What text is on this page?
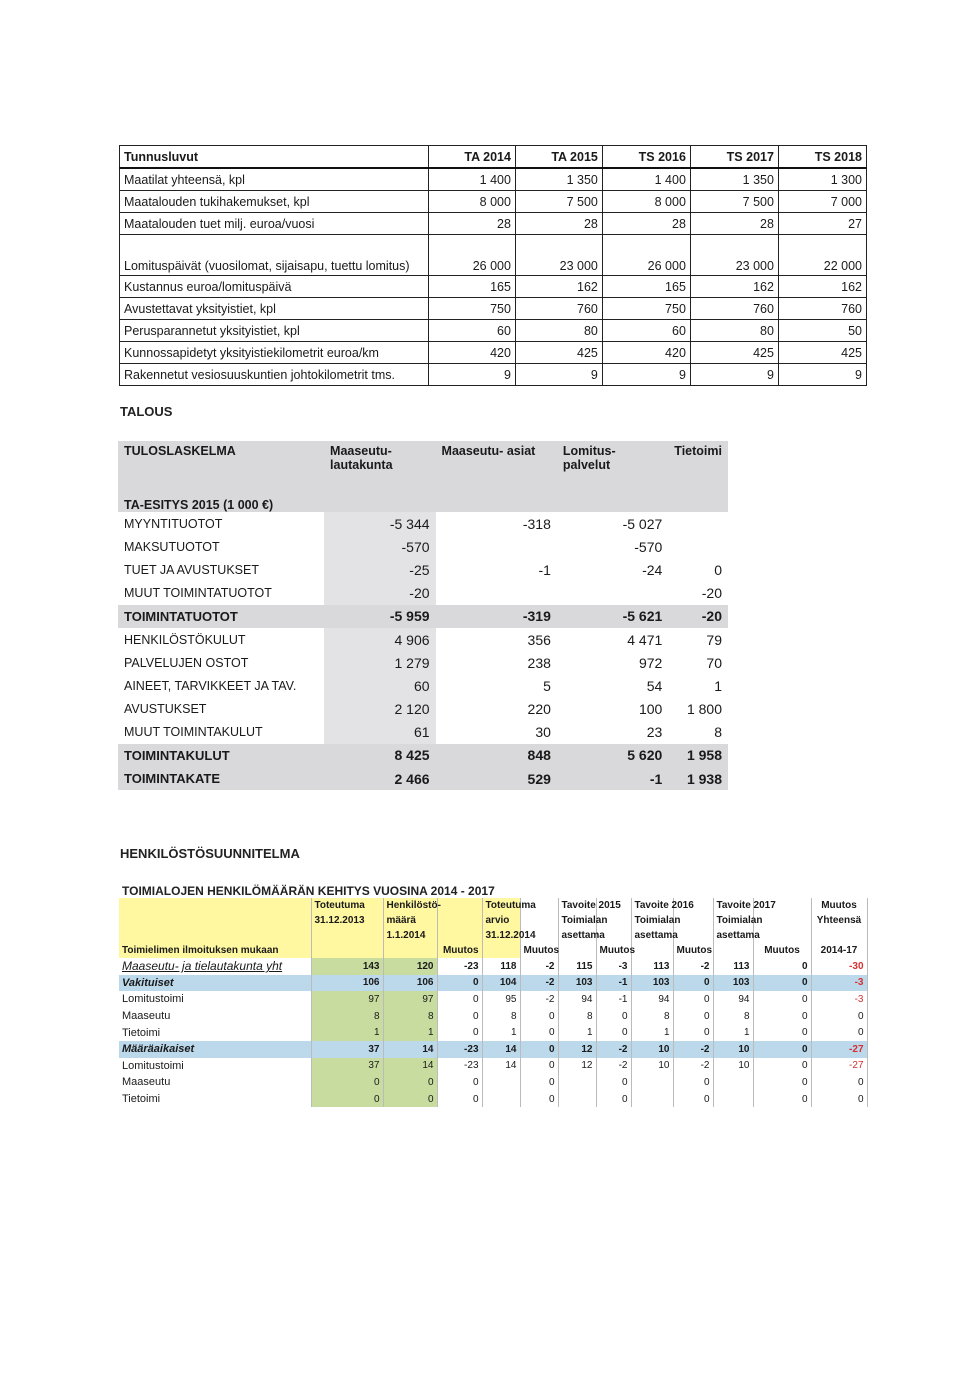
Tunnusluvut	TA 2014	TA 2015	TS 2016	TS 2017	TS 2018
Maatilat yhteensä, kpl	1 400	1 350	1 400	1 350	1 300
Maatalouden tukihakemukset, kpl	8 000	7 500	8 000	7 500	7 000
Maatalouden tuet milj. euroa/vuosi	28	28	28	28	27
Lomituspäivät (vuosilomat, sijaisapu, tuettu lomitus)	26 000	23 000	26 000	23 000	22 000
Kustannus euroa/lomituspäivä	165	162	165	162	162
Avustettavat yksityistiet, kpl	750	760	750	760	760
Perusparannetut yksityistiet, kpl	60	80	60	80	50
Kunnossapidetyt yksityistiekilometrit euroa/km	420	425	420	425	425
Rakennetut vesiosuuskuntien johtokilometrit tms.	9	9	9	9	9
TALOUS
TULOSLASKELMA	Maaseutu- lautakunta	Maaseutu- asiat	Lomitus- palvelut	Tietoimi
TA-ESITYS 2015 (1 000 €)				
MYYNTITUOTOT	-5 344	-318	-5 027	
MAKSUTUOTOT	-570		-570	
TUET JA AVUSTUKSET	-25	-1	-24	0
MUUT TOIMINTATUOTOT	-20			-20
TOIMINTATUOTOT	-5 959	-319	-5 621	-20
HENKILÖSTÖKULUT	4 906	356	4 471	79
PALVELUJEN OSTOT	1 279	238	972	70
AINEET, TARVIKKEET JA TAV.	60	5	54	1
AVUSTUKSET	2 120	220	100	1 800
MUUT TOIMINTAKULUT	61	30	23	8
TOIMINTAKULUT	8 425	848	5 620	1 958
TOIMINTAKATE	2 466	529	-1	1 938
HENKILÖSTÖSUUNNITELMA
TOIMIALOJEN HENKILÖMÄÄRÄN KEHITYS VUOSINA 2014 - 2017
	Toteutuma	Henkilöstö-		Toteutuma		Tavoite 2015		Tavoite 2016		Tavoite 2017		Muutos
	31.12.2013	määrä		arvio		Toimialan		Toimialan		Toimialan		Yhteensä
		1.1.2014		31.12.2014		asettama		asettama		asettama		
Toimielimen ilmoituksen mukaan			Muutos		Muutos		Muutos		Muutos		Muutos	2014-17
Maaseutu- ja tielautakunta yht	143	120	-23	118	-2	115	-3	113	-2	113	0	-30
Vakituiset	106	106	0	104	-2	103	-1	103	0	103	0	-3
Lomitustoimi	97	97	0	95	-2	94	-1	94	0	94	0	-3
Maaseutu	8	8	0	8	0	8	0	8	0	8	0	0
Tietoimi	1	1	0	1	0	1	0	1	0	1	0	0
Määräaikaiset	37	14	-23	14	0	12	-2	10	-2	10	0	-27
Lomitustoimi	37	14	-23	14	0	12	-2	10	-2	10	0	-27
Maaseutu	0	0	0		0		0		0		0	0
Tietoimi	0	0	0		0		0		0		0	0
